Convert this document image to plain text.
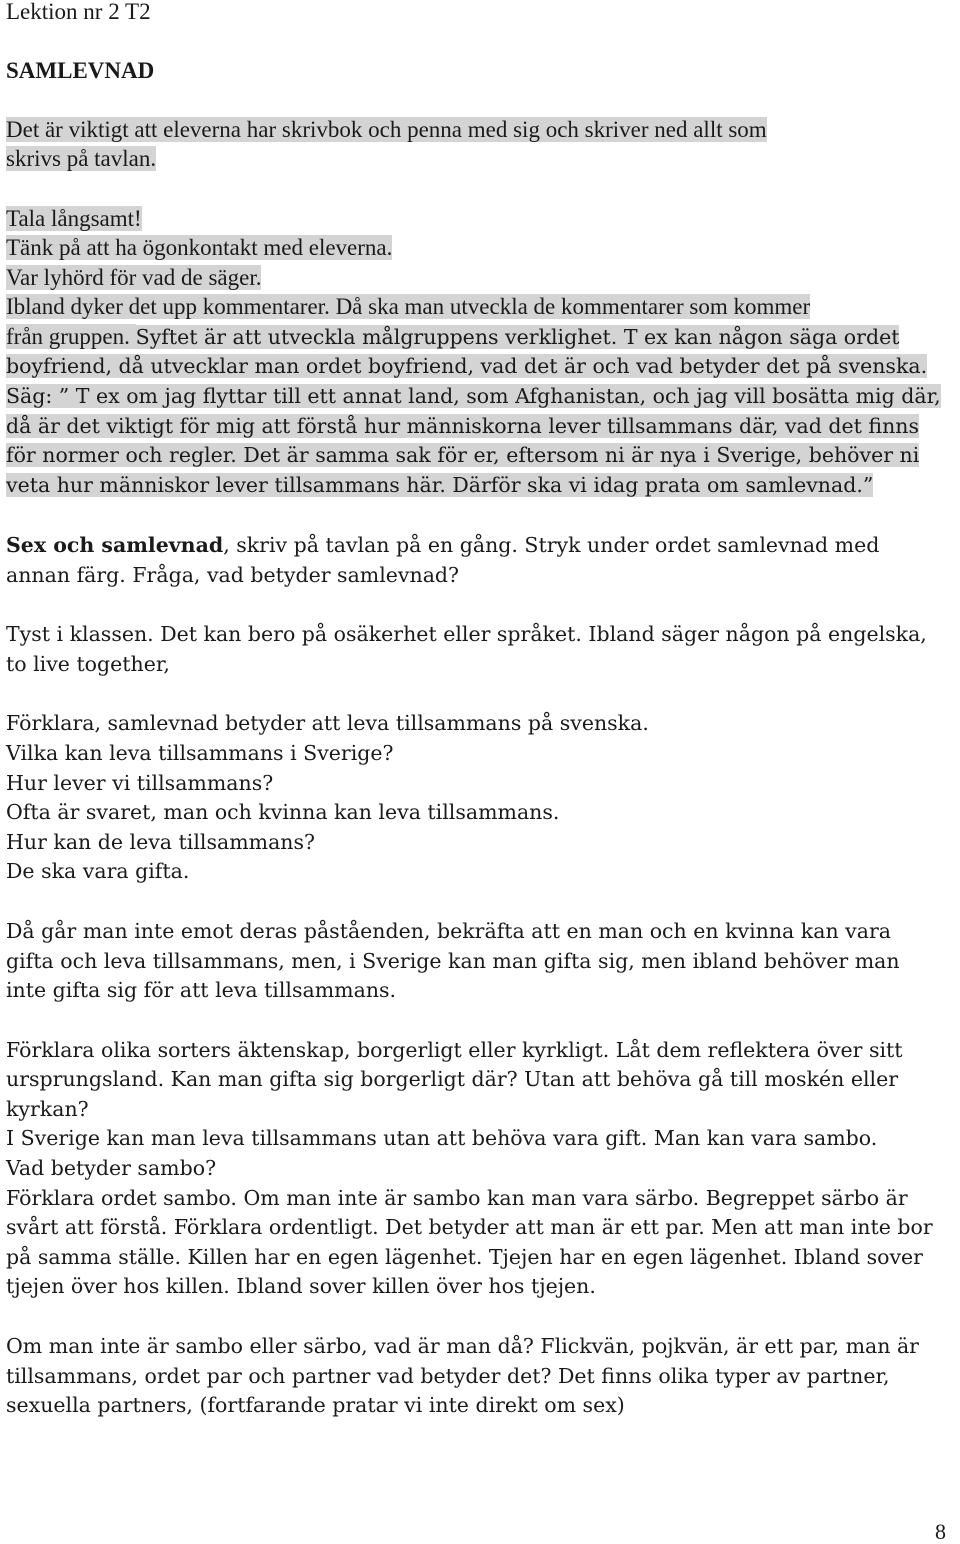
Lektion nr 2 T2
SAMLEVNAD
Det är viktigt att eleverna har skrivbok och penna med sig och skriver ned allt som
skrivs på tavlan.
Tala långsamt!
Tänk på att ha ögonkontakt med eleverna.
Var lyhörd för vad de säger.
Ibland dyker det upp kommentarer. Då ska man utveckla de kommentarer som kommer
från gruppen. Syftet är att utveckla målgruppens verklighet. T ex kan någon säga ordet
boyfriend, då utvecklar man ordet boyfriend, vad det är och vad betyder det på svenska.
Säg: ” T ex om jag flyttar till ett annat land, som Afghanistan, och jag vill bosätta mig där,
då är det viktigt för mig att förstå hur människorna lever tillsammans där, vad det finns
för normer och regler. Det är samma sak för er, eftersom ni är nya i Sverige, behöver ni
veta hur människor lever tillsammans här. Därför ska vi idag prata om samlevnad.”
Sex och samlevnad, skriv på tavlan på en gång. Stryk under ordet samlevnad med
annan färg. Fråga, vad betyder samlevnad?
Tyst i klassen. Det kan bero på osäkerhet eller språket. Ibland säger någon på engelska,
to live together,
Förklara, samlevnad betyder att leva tillsammans på svenska.
Vilka kan leva tillsammans i Sverige?
Hur lever vi tillsammans?
Ofta är svaret, man och kvinna kan leva tillsammans.
Hur kan de leva tillsammans?
De ska vara gifta.
Då går man inte emot deras påståenden, bekräfta att en man och en kvinna kan vara
gifta och leva tillsammans, men, i Sverige kan man gifta sig, men ibland behöver man
inte gifta sig för att leva tillsammans.
Förklara olika sorters äktenskap, borgerligt eller kyrkligt. Låt dem reflektera över sitt
ursprungsland. Kan man gifta sig borgerligt där? Utan att behöva gå till moskén eller
kyrkan?
I Sverige kan man leva tillsammans utan att behöva vara gift. Man kan vara sambo.
Vad betyder sambo?
Förklara ordet sambo. Om man inte är sambo kan man vara särbo. Begreppet särbo är
svårt att förstå. Förklara ordentligt. Det betyder att man är ett par. Men att man inte bor
på samma ställe. Killen har en egen lägenhet. Tjejen har en egen lägenhet. Ibland sover
tjejen över hos killen. Ibland sover killen över hos tjejen.
Om man inte är sambo eller särbo, vad är man då? Flickvän, pojkvän, är ett par, man är
tillsammans, ordet par och partner vad betyder det? Det finns olika typer av partner,
sexuella partners, (fortfarande pratar vi inte direkt om sex)
8
